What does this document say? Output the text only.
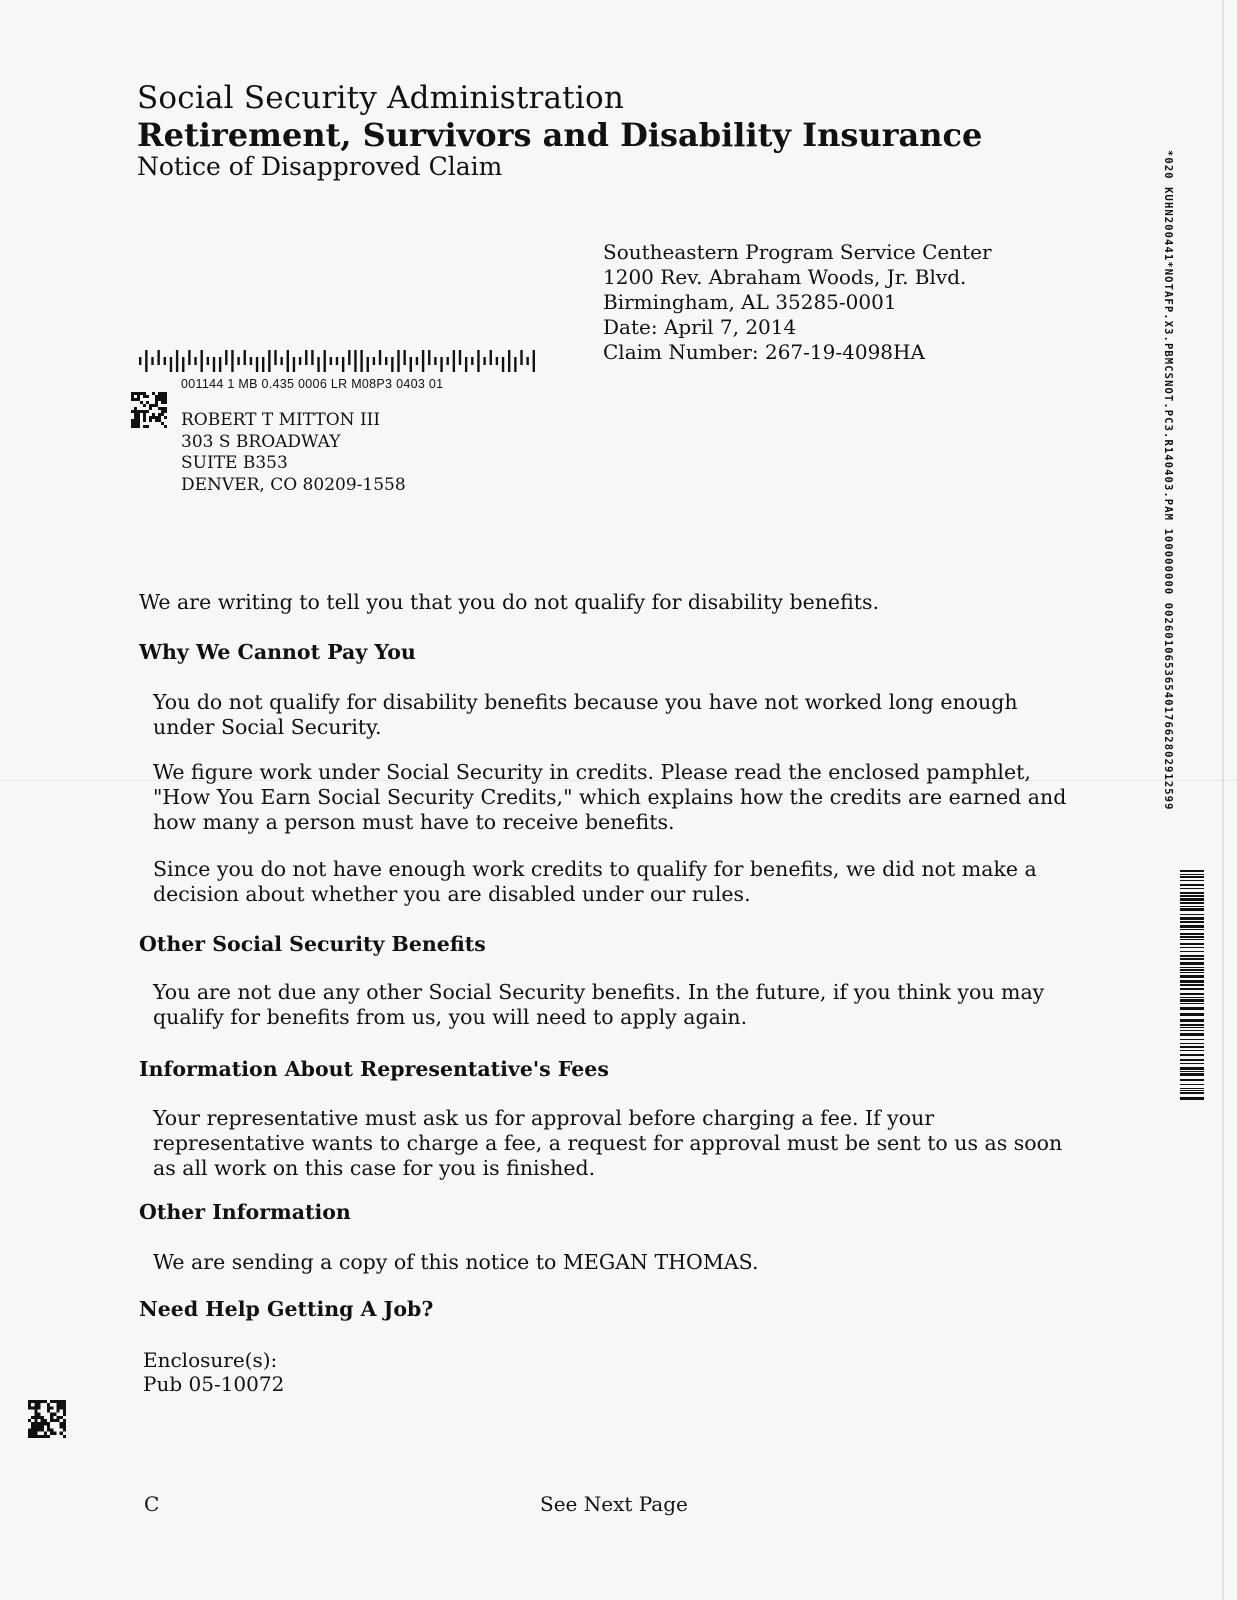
Social Security Administration
Retirement, Survivors and Disability Insurance
Notice of Disapproved Claim
Southeastern Program Service Center
1200 Rev. Abraham Woods, Jr. Blvd.
Birmingham, AL 35285-0001
Date: April 7, 2014
Claim Number: 267-19-4098HA
001144 1 MB 0.435 0006 LR M08P3 0403 01
ROBERT T MITTON III
303 S BROADWAY
SUITE B353
DENVER, CO 80209-1558
We are writing to tell you that you do not qualify for disability benefits.
Why We Cannot Pay You
You do not qualify for disability benefits because you have not worked long enough under Social Security.
We figure work under Social Security in credits. Please read the enclosed pamphlet, "How You Earn Social Security Credits," which explains how the credits are earned and how many a person must have to receive benefits.
Since you do not have enough work credits to qualify for benefits, we did not make a decision about whether you are disabled under our rules.
Other Social Security Benefits
You are not due any other Social Security benefits. In the future, if you think you may qualify for benefits from us, you will need to apply again.
Information About Representative's Fees
Your representative must ask us for approval before charging a fee. If your representative wants to charge a fee, a request for approval must be sent to us as soon as all work on this case for you is finished.
Other Information
We are sending a copy of this notice to MEGAN THOMAS.
Need Help Getting A Job?
Enclosure(s):
Pub 05-10072
C	See Next Page
*020 KUHN200441*NOTAFP.X3.PBMCSNOT.PC3.R140403.PAM 100000000 0026010653654017662802912599
